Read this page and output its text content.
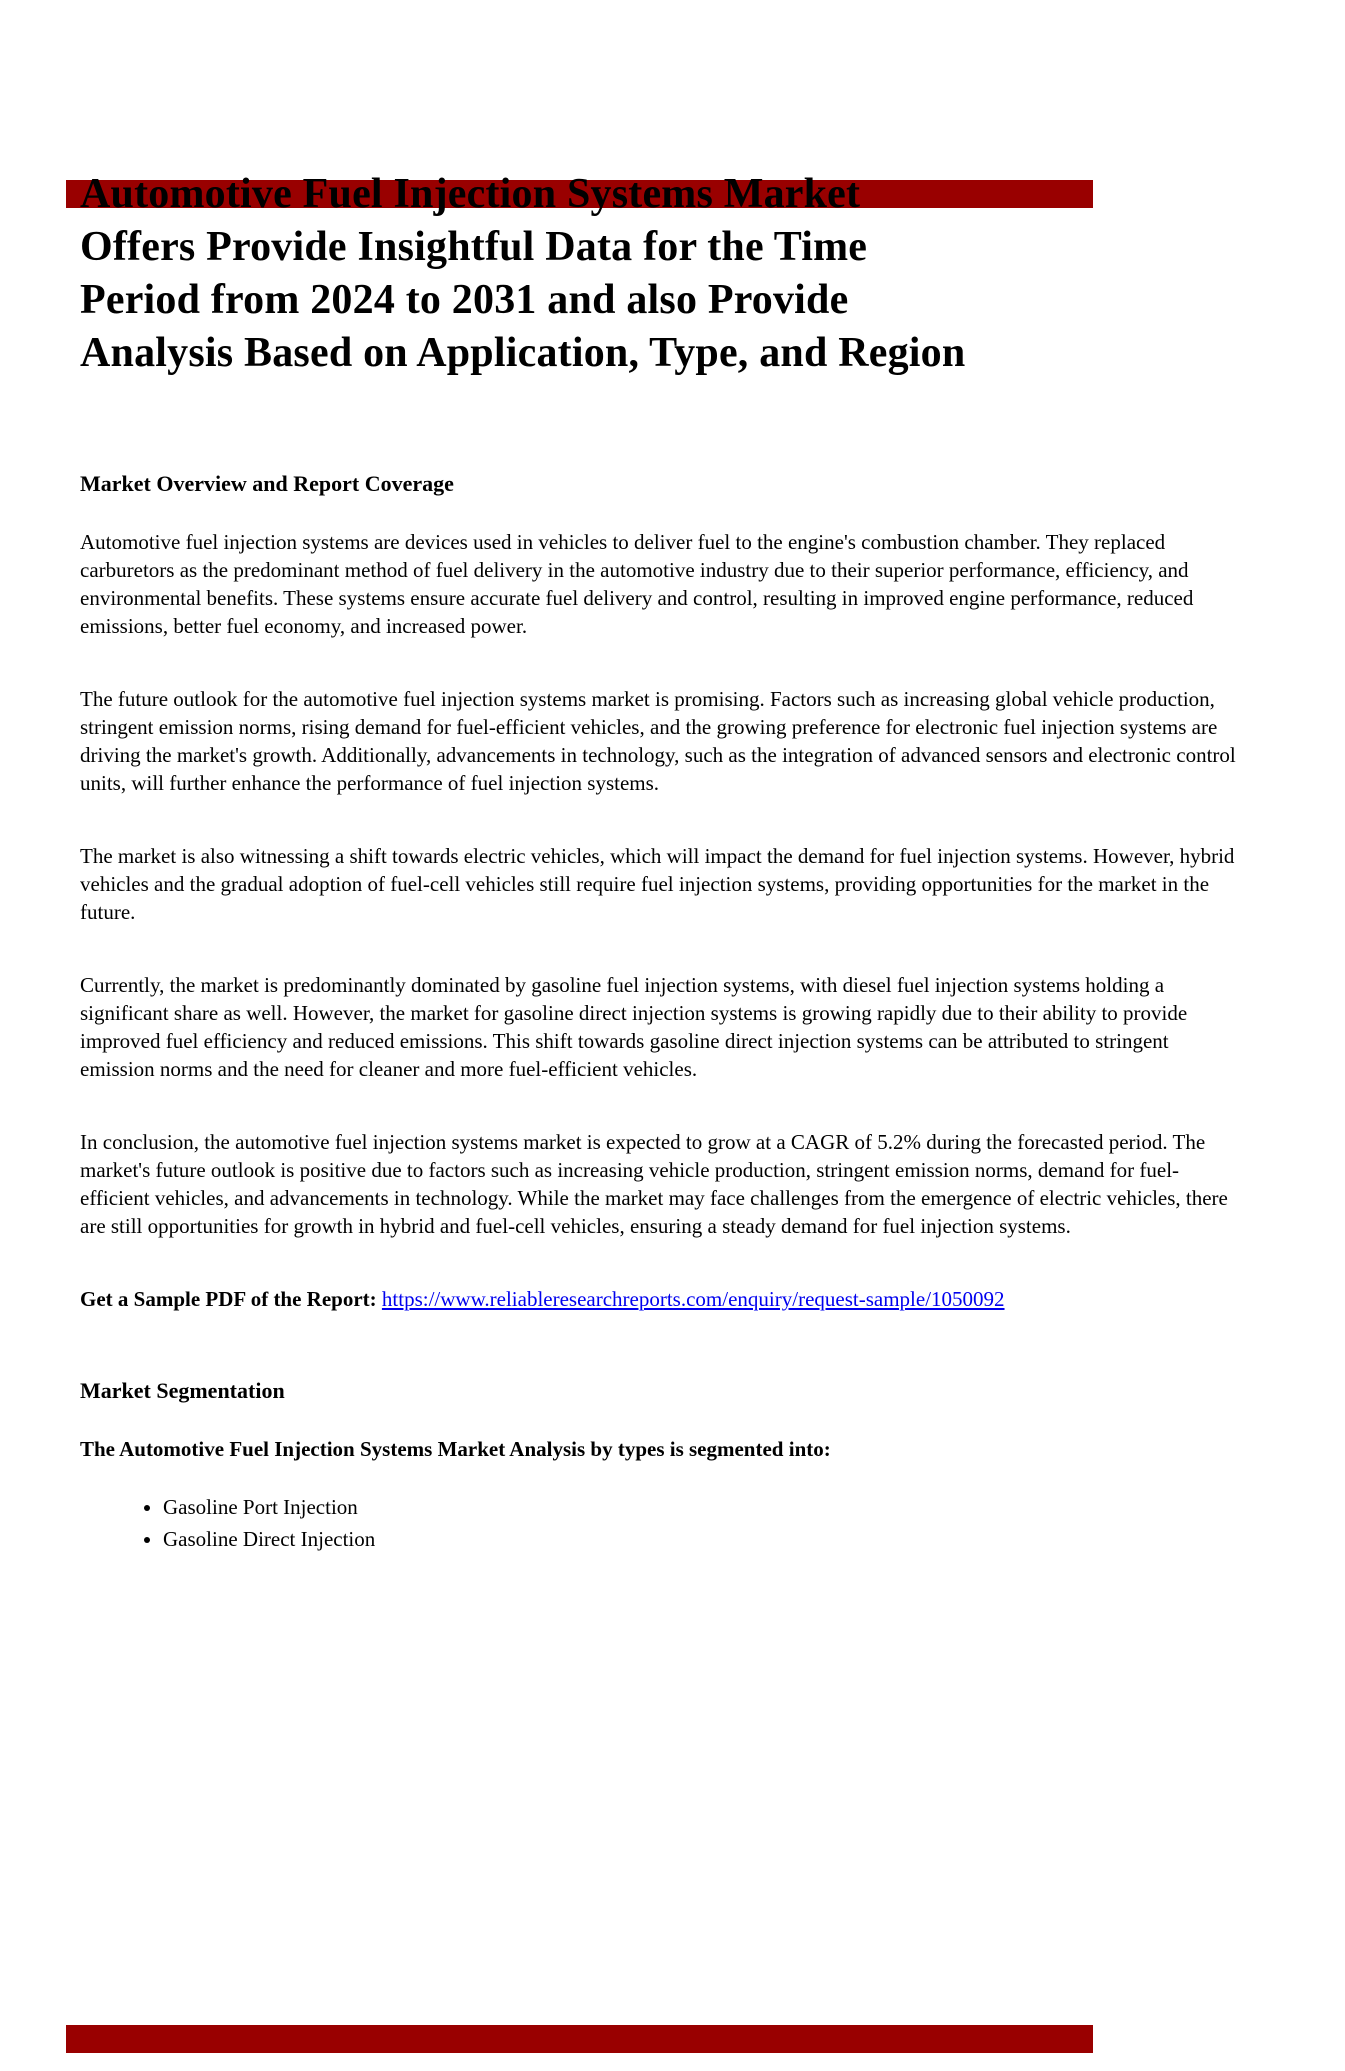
Automotive Fuel Injection Systems Market
Offers Provide Insightful Data for the Time
Period from 2024 to 2031 and also Provide
Analysis Based on Application, Type, and Region
Market Overview and Report Coverage

Automotive fuel injection systems are devices used in vehicles to deliver fuel to the engine's combustion chamber. They replaced carburetors as the predominant method of fuel delivery in the automotive industry due to their superior performance, efficiency, and environmental benefits. These systems ensure accurate fuel delivery and control, resulting in improved engine performance, reduced emissions, better fuel economy, and increased power.

The future outlook for the automotive fuel injection systems market is promising. Factors such as increasing global vehicle production, stringent emission norms, rising demand for fuel-efficient vehicles, and the growing preference for electronic fuel injection systems are driving the market's growth. Additionally, advancements in technology, such as the integration of advanced sensors and electronic control units, will further enhance the performance of fuel injection systems.

The market is also witnessing a shift towards electric vehicles, which will impact the demand for fuel injection systems. However, hybrid vehicles and the gradual adoption of fuel-cell vehicles still require fuel injection systems, providing opportunities for the market in the future.

Currently, the market is predominantly dominated by gasoline fuel injection systems, with diesel fuel injection systems holding a significant share as well. However, the market for gasoline direct injection systems is growing rapidly due to their ability to provide improved fuel efficiency and reduced emissions. This shift towards gasoline direct injection systems can be attributed to stringent emission norms and the need for cleaner and more fuel-efficient vehicles.

In conclusion, the automotive fuel injection systems market is expected to grow at a CAGR of 5.2% during the forecasted period. The market's future outlook is positive due to factors such as increasing vehicle production, stringent emission norms, demand for fuel-efficient vehicles, and advancements in technology. While the market may face challenges from the emergence of electric vehicles, there are still opportunities for growth in hybrid and fuel-cell vehicles, ensuring a steady demand for fuel injection systems.

Get a Sample PDF of the Report: https://www.reliableresearchreports.com/enquiry/request-sample/1050092

Market Segmentation

The Automotive Fuel Injection Systems Market Analysis by types is segmented into:

• Gasoline Port Injection
• Gasoline Direct Injection
